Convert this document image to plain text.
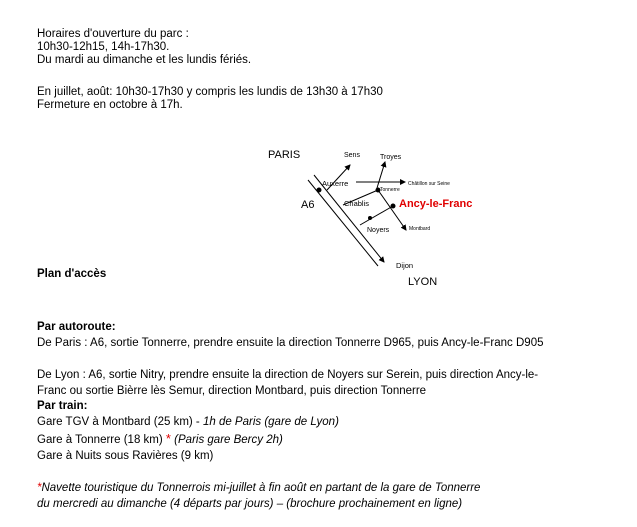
Horaires d'ouverture du parc :
10h30-12h15, 14h-17h30.
Du mardi au dimanche et les lundis fériés.
En juillet, août: 10h30-17h30 y compris les lundis de 13h30 à 17h30
Fermeture en octobre à 17h.
PARIS	Sens	Troyes
Auxerre
Tonnerre
Châtillon sur Seine
A6	Chablis	Ancy-le-Franc
Noyers	Montbard
Dijon
LYON
Plan d'accès
Par autoroute:
De Paris : A6, sortie Tonnerre, prendre ensuite la direction Tonnerre D965, puis Ancy-le-Franc D905
De Lyon : A6, sortie Nitry, prendre ensuite la direction de Noyers sur Serein, puis direction Ancy-le-
Franc ou sortie Bièrre lès Semur, direction Montbard, puis direction Tonnerre
Par train:
Gare TGV à Montbard (25 km) - 1h de Paris (gare de Lyon)
Gare à Tonnerre (18 km) * (Paris gare Bercy 2h)
Gare à Nuits sous Ravières (9 km)
*Navette touristique du Tonnerrois mi-juillet à fin août en partant de la gare de Tonnerre
du mercredi au dimanche (4 départs par jours) – (brochure prochainement en ligne)
